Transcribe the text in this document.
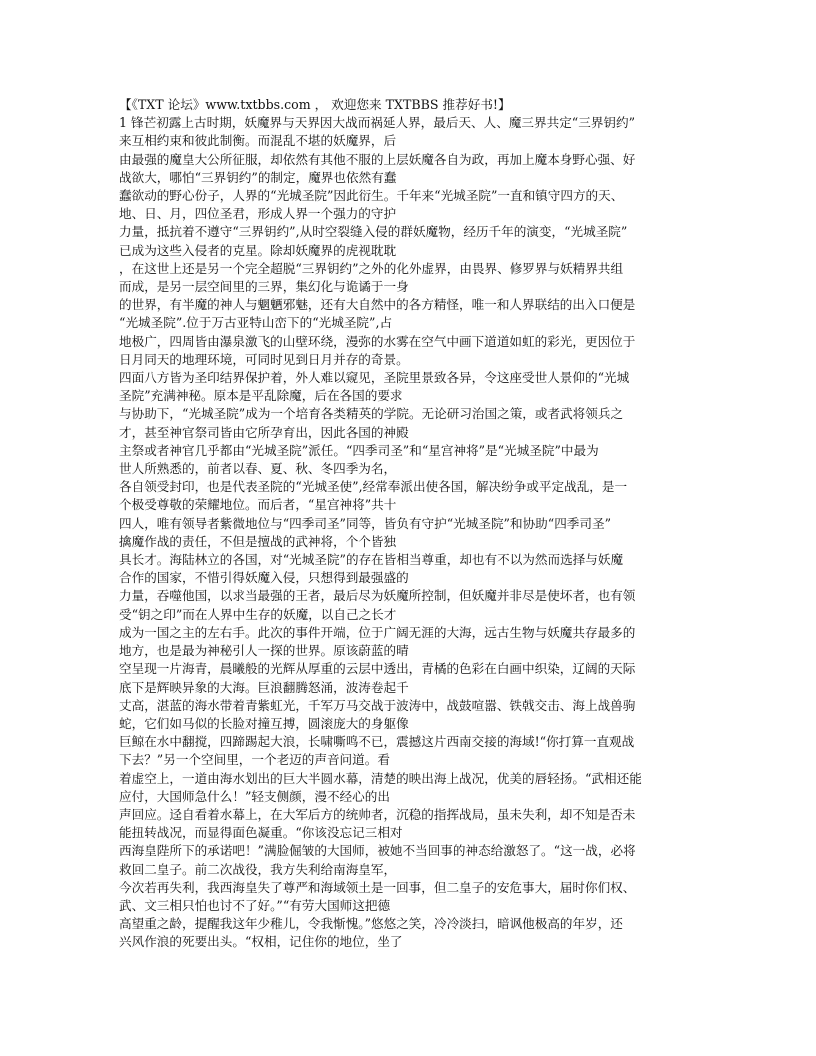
【《TXT 论坛》www.txtbbs.com ， 欢迎您来 TXTBBS 推荐好书!】

1 锋芒初露上古时期，妖魔界与天界因大战而祸延人界，最后天、人、魔三界共定“三界钥约”

来互相约束和彼此制衡。而混乱不堪的妖魔界，后

由最强的魔皇大公所征服，却依然有其他不服的上层妖魔各自为政，再加上魔本身野心强、好

战欲大，哪怕“三界钥约”的制定，魔界也依然有蠢

蠢欲动的野心份子，人界的“光城圣院”因此衍生。千年来“光城圣院”一直和镇守四方的天、

地、日、月，四位圣君，形成人界一个强力的守护

力量，抵抗着不遵守“三界钥约”,从时空裂缝入侵的群妖魔物，经历千年的演变，“光城圣院”

已成为这些入侵者的克星。除却妖魔界的虎视耽耽

，在这世上还是另一个完全超脱“三界钥约”之外的化外虚界，由畏界、修罗界与妖精界共组

而成，是另一层空间里的三界，集幻化与诡谲于一身

的世界，有半魔的神人与魍魉邪魅，还有大自然中的各方精怪，唯一和人界联结的出入口便是

“光城圣院”.位于万古亚特山峦下的“光城圣院”,占

地极广，四周皆由瀑泉激飞的山壁环绕，漫弥的水雾在空气中画下道道如虹的彩光，更因位于

日月同天的地理环境，可同时见到日月并存的奇景。

四面八方皆为圣印结界保护着，外人难以窥见，圣院里景致各异，令这座受世人景仰的“光城

圣院”充满神秘。原本是平乱除魔，后在各国的要求

与协助下，“光城圣院”成为一个培育各类精英的学院。无论研习治国之策，或者武将领兵之

才，甚至神官祭司皆由它所孕育出，因此各国的神殿

主祭或者神官几乎都由“光城圣院”派任。“四季司圣”和“星宫神将”是“光城圣院”中最为

世人所熟悉的，前者以春、夏、秋、冬四季为名，

各自领受封印，也是代表圣院的“光城圣使”,经常奉派出使各国，解决纷争或平定战乱，是一

个极受尊敬的荣耀地位。而后者，“星宫神将”共十

四人，唯有领导者紫微地位与“四季司圣”同等，皆负有守护“光城圣院”和协助“四季司圣”

擒魔作战的责任，不但是擅战的武神将，个个皆独

具长才。海陆林立的各国，对“光城圣院”的存在皆相当尊重，却也有不以为然而选择与妖魔

合作的国家，不惜引得妖魔入侵，只想得到最强盛的

力量，吞噬他国，以求当最强的王者，最后尽为妖魔所控制，但妖魔并非尽是使坏者，也有领

受“钥之印”而在人界中生存的妖魔，以自己之长才

成为一国之主的左右手。此次的事件开端，位于广阔无涯的大海，远古生物与妖魔共存最多的

地方，也是最为神秘引人一探的世界。原该蔚蓝的晴

空呈现一片海青，晨曦般的光辉从厚重的云层中透出，青橘的色彩在白画中织染，辽阔的天际

底下是辉映异象的大海。巨浪翻腾怒涌，波涛卷起千

丈高，湛蓝的海水带着青紫虹光，千军万马交战于波涛中，战鼓喧嚣、铁戟交击、海上战兽驹

蛇，它们如马似的长脸对撞互搏，圆滚庞大的身躯像

巨鲸在水中翻搅，四蹄踢起大浪，长啸嘶鸣不已，震撼这片西南交接的海域!“你打算一直观战

下去？”另一个空间里，一个老迈的声音问道。看

着虚空上，一道由海水划出的巨大半圆水幕，清楚的映出海上战况，优美的唇轻扬。“武相还能

应付，大国师急什么！”轻支侧颜，漫不经心的出

声回应。迳自看着水幕上，在大军后方的统帅者，沉稳的指挥战局，虽未失利，却不知是否未

能扭转战况，而显得面色凝重。“你该没忘记三相对

西海皇陛所下的承诺吧！”满脸倔皱的大国师，被她不当回事的神态给激怒了。“这一战，必将

救回二皇子。前二次战役，我方失利给南海皇军，

今次若再失利，我西海皇失了尊严和海域领土是一回事，但二皇子的安危事大，届时你们权、

武、文三相只怕也讨不了好。”“有劳大国师这把德

高望重之龄，提醒我这年少稚儿，令我惭愧。”悠悠之笑，冷冷淡扫，暗讽他极高的年岁，还

兴风作浪的死要出头。“权相，记住你的地位，坐了
